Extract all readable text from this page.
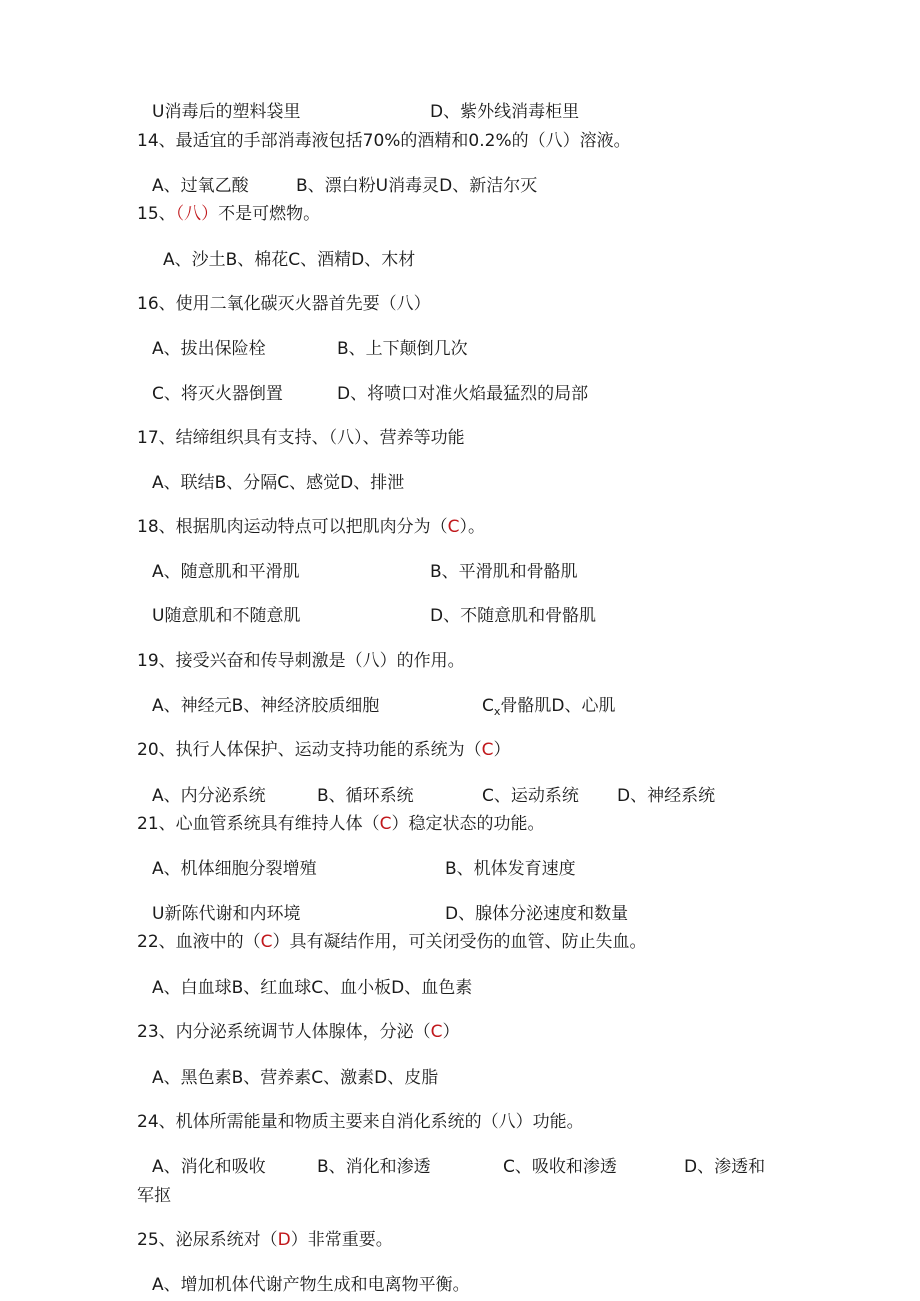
U消毒后的塑料袋里	D、紫外线消毒柜里
14、最适宜的手部消毒液包括70%的酒精和0.2%的（八）溶液。
A、过氧乙酸	B、漂白粉U消毒灵D、新洁尔灭
15、（八）不是可燃物。
A、沙土B、棉花C、酒精D、木材
16、使用二氧化碳灭火器首先要（八）
A、拔出保险栓	B、上下颠倒几次
C、将灭火器倒置	D、将喷口对准火焰最猛烈的局部
17、结缔组织具有支持、（八）、营养等功能
A、联结B、分隔C、感觉D、排泄
18、根据肌肉运动特点可以把肌肉分为（C）。
A、随意肌和平滑肌	B、平滑肌和骨骼肌
U随意肌和不随意肌	D、不随意肌和骨骼肌
19、接受兴奋和传导刺激是（八）的作用。
A、神经元B、神经济胶质细胞	$C_x$骨骼肌D、心肌
20、执行人体保护、运动支持功能的系统为（C）
A、内分泌系统	B、循环系统	C、运动系统 D、神经系统
21、心血管系统具有维持人体（C）稳定状态的功能。
A、机体细胞分裂增殖	B、机体发育速度
U新陈代谢和内环境	D、腺体分泌速度和数量
22、血液中的（C）具有凝结作用，可关闭受伤的血管、防止失血。
A、白血球B、红血球C、血小板D、血色素
23、内分泌系统调节人体腺体，分泌（C）
A、黑色素B、营养素C、激素D、皮脂
24、机体所需能量和物质主要来自消化系统的（八）功能。
A、消化和吸收	B、消化和渗透	C、吸收和渗透	D、渗透和
军抠
25、泌尿系统对（D）非常重要。
A、增加机体代谢产物生成和电离物平衡。
